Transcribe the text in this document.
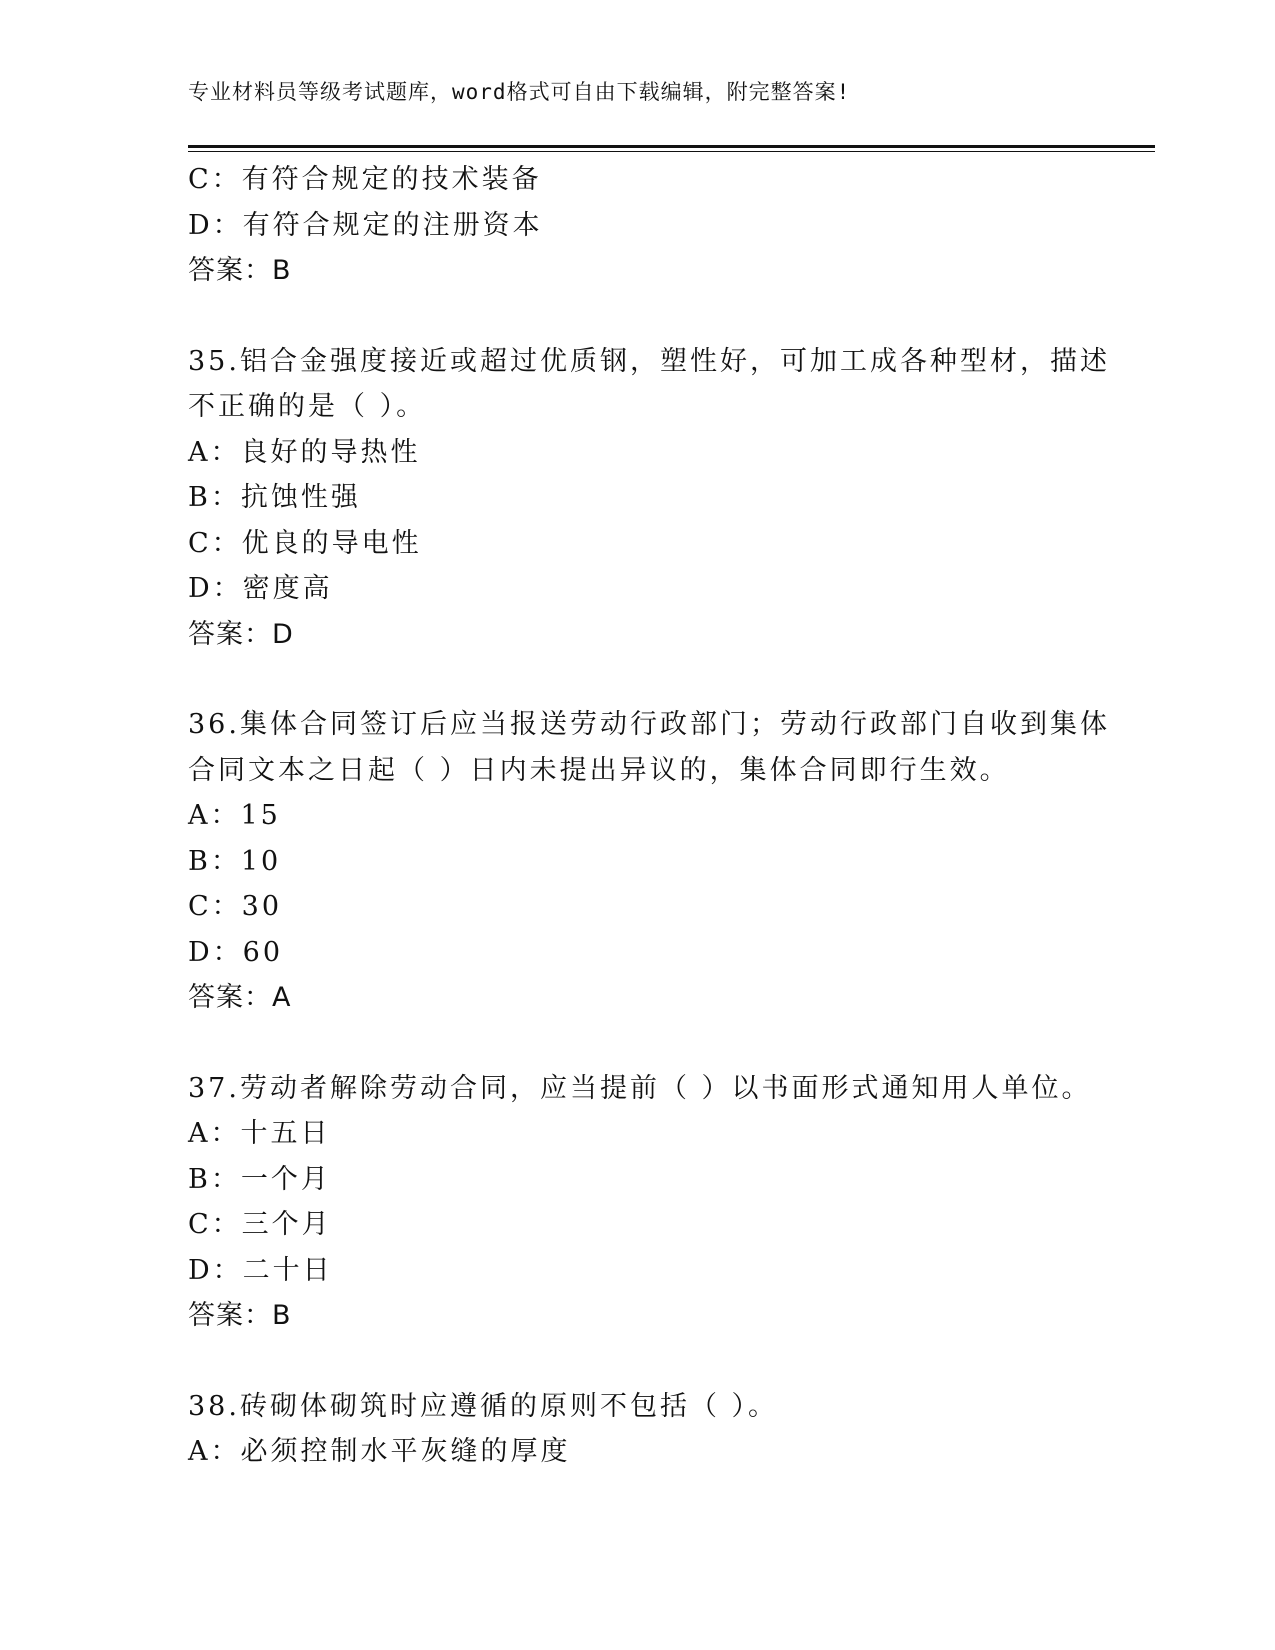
专业材料员等级考试题库，word格式可自由下载编辑，附完整答案!
C：有符合规定的技术装备
D：有符合规定的注册资本
答案：B
35.铝合金强度接近或超过优质钢，塑性好，可加工成各种型材，描述
不正确的是（ ）。
A：良好的导热性
B：抗蚀性强
C：优良的导电性
D：密度高
答案：D
36.集体合同签订后应当报送劳动行政部门；劳动行政部门自收到集体
合同文本之日起（ ）日内未提出异议的，集体合同即行生效。
A：15
B：10
C：30
D：60
答案：A
37.劳动者解除劳动合同，应当提前（ ）以书面形式通知用人单位。
A：十五日
B：一个月
C：三个月
D：二十日
答案：B
38.砖砌体砌筑时应遵循的原则不包括（ ）。
A：必须控制水平灰缝的厚度
